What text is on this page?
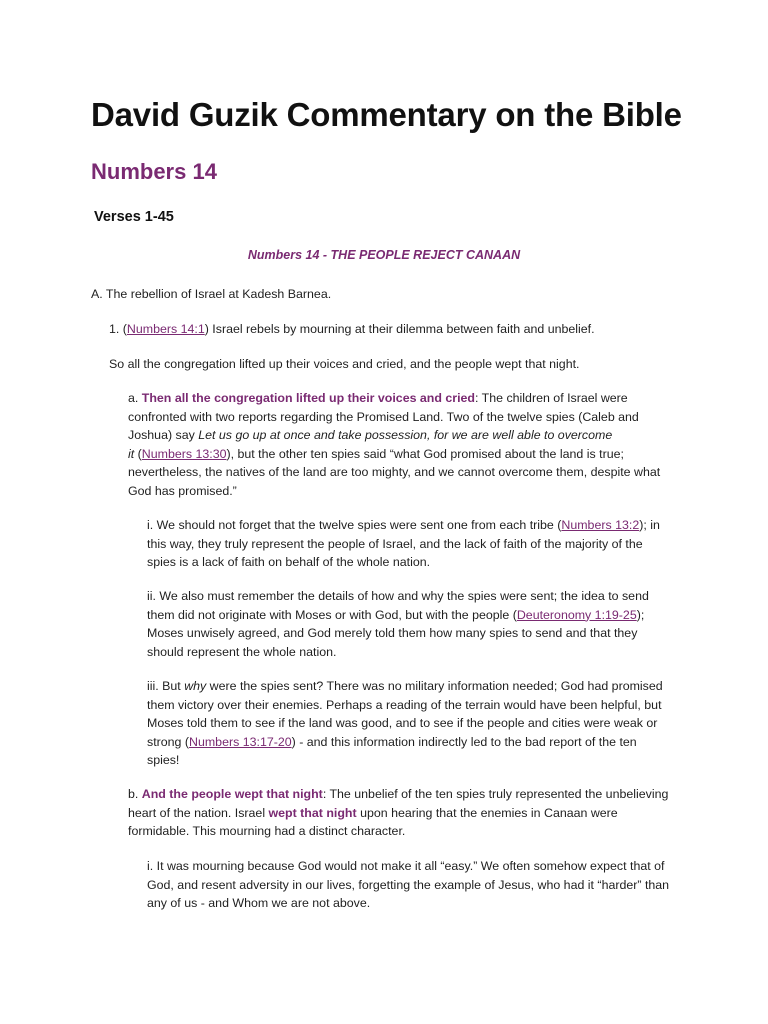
David Guzik Commentary on the Bible
Numbers 14
Verses 1-45
Numbers 14 - THE PEOPLE REJECT CANAAN

A. The rebellion of Israel at Kadesh Barnea.

1. (Numbers 14:1) Israel rebels by mourning at their dilemma between faith and unbelief.

So all the congregation lifted up their voices and cried, and the people wept that night.

a. Then all the congregation lifted up their voices and cried: The children of Israel were

confronted with two reports regarding the Promised Land. Two of the twelve spies (Caleb and

Joshua) say Let us go up at once and take possession, for we are well able to overcome

it (Numbers 13:30), but the other ten spies said “what God promised about the land is true;

nevertheless, the natives of the land are too mighty, and we cannot overcome them, despite what

God has promised.”

i. We should not forget that the twelve spies were sent one from each tribe (Numbers 13:2); in

this way, they truly represent the people of Israel, and the lack of faith of the majority of the

spies is a lack of faith on behalf of the whole nation.

ii. We also must remember the details of how and why the spies were sent; the idea to send

them did not originate with Moses or with God, but with the people (Deuteronomy 1:19-25);

Moses unwisely agreed, and God merely told them how many spies to send and that they

should represent the whole nation.

iii. But why were the spies sent? There was no military information needed; God had promised

them victory over their enemies. Perhaps a reading of the terrain would have been helpful, but

Moses told them to see if the land was good, and to see if the people and cities were weak or

strong (Numbers 13:17-20) - and this information indirectly led to the bad report of the ten

spies!

b. And the people wept that night: The unbelief of the ten spies truly represented the unbelieving

heart of the nation. Israel wept that night upon hearing that the enemies in Canaan were

formidable. This mourning had a distinct character.

i. It was mourning because God would not make it all “easy.” We often somehow expect that of

God, and resent adversity in our lives, forgetting the example of Jesus, who had it “harder” than

any of us - and Whom we are not above.
